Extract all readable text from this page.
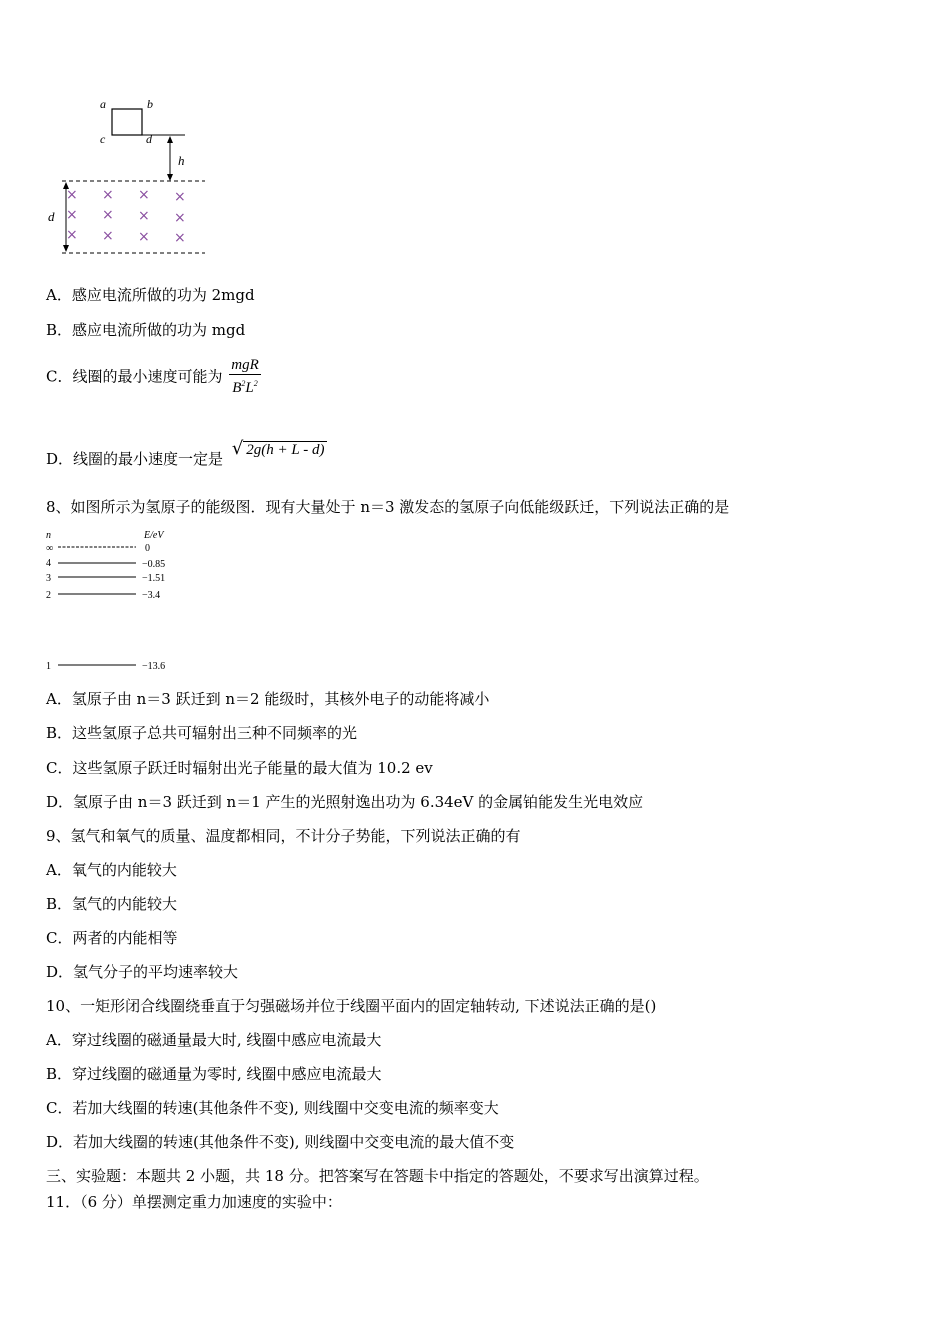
a	b
c	d
h
d
× × × ×
× × × ×
× × × ×
A．感应电流所做的功为 2mgd
B．感应电流所做的功为 mgd
C．线圈的最小速度可能为 $\frac{\text{mgR}}{B^2L^2}$
D．线圈的最小速度一定是 √ 2g(h + L - d)
8、如图所示为氢原子的能级图．现有大量处于 n＝3 激发态的氢原子向低能级跃迁，下列说法正确的是
n	E/eV
∞	0
4	−0.85
3	−1.51
2	−3.4
1	−13.6
A．氢原子由 n＝3 跃迁到 n＝2 能级时，其核外电子的动能将减小
B．这些氢原子总共可辐射出三种不同频率的光
C．这些氢原子跃迁时辐射出光子能量的最大值为 10.2 ev
D．氢原子由 n＝3 跃迁到 n＝1 产生的光照射逸出功为 6.34eV 的金属铂能发生光电效应
9、氢气和氧气的质量、温度都相同，不计分子势能，下列说法正确的有
A．氧气的内能较大
B．氢气的内能较大
C．两者的内能相等
D．氢气分子的平均速率较大
10、一矩形闭合线圈绕垂直于匀强磁场并位于线圈平面内的固定轴转动, 下述说法正确的是()
A．穿过线圈的磁通量最大时, 线圈中感应电流最大
B．穿过线圈的磁通量为零时, 线圈中感应电流最大
C．若加大线圈的转速(其他条件不变), 则线圈中交变电流的频率变大
D．若加大线圈的转速(其他条件不变), 则线圈中交变电流的最大值不变
三、实验题：本题共 2 小题，共 18 分。把答案写在答题卡中指定的答题处，不要求写出演算过程。
11．（6 分）单摆测定重力加速度的实验中：
